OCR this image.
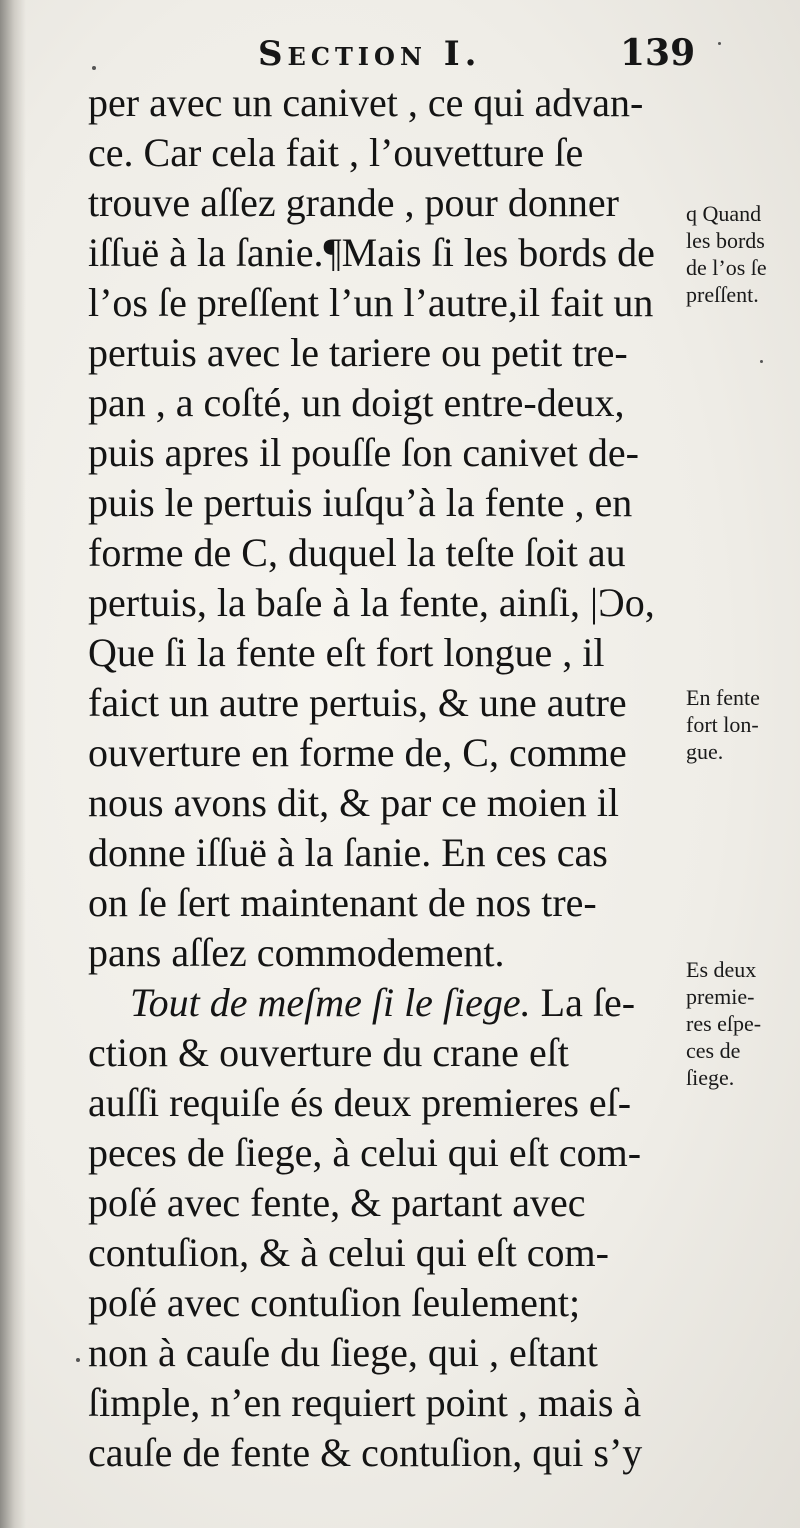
Section I.	139
per avec un canivet , ce qui advan-
ce. Car cela fait , l’ouvetture ſe
trouve aſſez grande , pour donner
iſſuë à la ſanie.¶Mais ſi les bords de
l’os ſe preſſent l’un l’autre,il fait un
pertuis avec le tariere ou petit tre-
pan , a coſté, un doigt entre-deux,
puis apres il pouſſe ſon canivet de-
puis le pertuis iuſqu’à la fente , en
forme de C, duquel la teſte ſoit au
pertuis, la baſe à la fente, ainſi, |Ɔo,
Que ſi la fente eſt fort longue , il
faict un autre pertuis, & une autre
ouverture en forme de, C, comme
nous avons dit, & par ce moien il
donne iſſuë à la ſanie. En ces cas
on ſe ſert maintenant de nos tre-
pans aſſez commodement.
Tout de meſme ſi le ſiege. La ſe-
ction & ouverture du crane eſt
auſſi requiſe és deux premieres eſ-
peces de ſiege, à celui qui eſt com-
poſé avec fente, & partant avec
contuſion, & à celui qui eſt com-
poſé avec contuſion ſeulement;
non à cauſe du ſiege, qui , eſtant
ſimple, n’en requiert point , mais à
cauſe de fente & contuſion, qui s’y
q Quand
les bords
de l’os ſe
preſſent.
En fente
fort lon-
gue.
Es deux
premie-
res eſpe-
ces de
ſiege.
